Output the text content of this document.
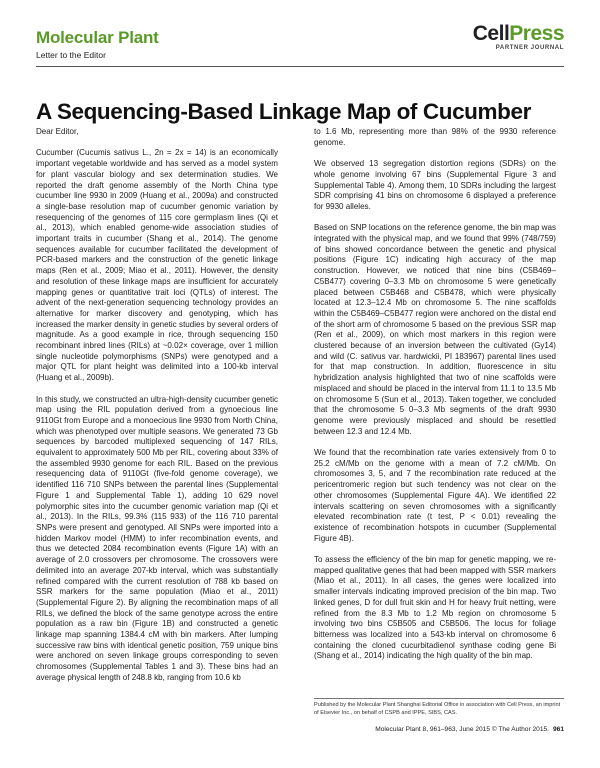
Molecular Plant
Letter to the Editor
CellPress
PARTNER JOURNAL
A Sequencing-Based Linkage Map of Cucumber
Dear Editor,

Cucumber (Cucumis sativus L., 2n = 2x = 14) is an economically important vegetable worldwide and has served as a model system for plant vascular biology and sex determination studies. We reported the draft genome assembly of the North China type cucumber line 9930 in 2009 (Huang et al., 2009a) and constructed a single-base resolution map of cucumber genomic variation by resequencing of the genomes of 115 core germplasm lines (Qi et al., 2013), which enabled genome-wide association studies of important traits in cucumber (Shang et al., 2014). The genome sequences available for cucumber facilitated the development of PCR-based markers and the construction of the genetic linkage maps (Ren et al., 2009; Miao et al., 2011). However, the density and resolution of these linkage maps are insufficient for accurately mapping genes or quantitative trait loci (QTLs) of interest. The advent of the next-generation sequencing technology provides an alternative for marker discovery and genotyping, which has increased the marker density in genetic studies by several orders of magnitude. As a good example in rice, through sequencing 150 recombinant inbred lines (RILs) at ~0.02× coverage, over 1 million single nucleotide polymorphisms (SNPs) were genotyped and a major QTL for plant height was delimited into a 100-kb interval (Huang et al., 2009b).

In this study, we constructed an ultra-high-density cucumber genetic map using the RIL population derived from a gynoecious line 9110Gt from Europe and a monoecious line 9930 from North China, which was phenotyped over multiple seasons. We generated 73 Gb sequences by barcoded multiplexed sequencing of 147 RILs, equivalent to approximately 500 Mb per RIL, covering about 33% of the assembled 9930 genome for each RIL. Based on the previous resequencing data of 9110Gt (five-fold genome coverage), we identified 116 710 SNPs between the parental lines (Supplemental Figure 1 and Supplemental Table 1), adding 10 629 novel polymorphic sites into the cucumber genomic variation map (Qi et al., 2013). In the RILs, 99.3% (115 933) of the 116 710 parental SNPs were present and genotyped. All SNPs were imported into a hidden Markov model (HMM) to infer recombination events, and thus we detected 2084 recombination events (Figure 1A) with an average of 2.0 crossovers per chromosome. The crossovers were delimited into an average 207-kb interval, which was substantially refined compared with the current resolution of 788 kb based on SSR markers for the same population (Miao et al., 2011) (Supplemental Figure 2). By aligning the recombination maps of all RILs, we defined the block of the same genotype across the entire population as a raw bin (Figure 1B) and constructed a genetic linkage map spanning 1384.4 cM with bin markers. After lumping successive raw bins with identical genetic position, 759 unique bins were anchored on seven linkage groups corresponding to seven chromosomes (Supplemental Tables 1 and 3). These bins had an average physical length of 248.8 kb, ranging from 10.6 kb

to 1.6 Mb, representing more than 98% of the 9930 reference genome.

We observed 13 segregation distortion regions (SDRs) on the whole genome involving 67 bins (Supplemental Figure 3 and Supplemental Table 4). Among them, 10 SDRs including the largest SDR comprising 41 bins on chromosome 6 displayed a preference for 9930 alleles.

Based on SNP locations on the reference genome, the bin map was integrated with the physical map, and we found that 99% (748/759) of bins showed concordance between the genetic and physical positions (Figure 1C) indicating high accuracy of the map construction. However, we noticed that nine bins (C5B469–C5B477) covering 0–3.3 Mb on chromosome 5 were genetically placed between C5B468 and C5B478, which were physically located at 12.3–12.4 Mb on chromosome 5. The nine scaffolds within the C5B469–C5B477 region were anchored on the distal end of the short arm of chromosome 5 based on the previous SSR map (Ren et al., 2009), on which most markers in this region were clustered because of an inversion between the cultivated (Gy14) and wild (C. sativus var. hardwickii, PI 183967) parental lines used for that map construction. In addition, fluorescence in situ hybridization analysis highlighted that two of nine scaffolds were misplaced and should be placed in the interval from 11.1 to 13.5 Mb on chromosome 5 (Sun et al., 2013). Taken together, we concluded that the chromosome 5 0–3.3 Mb segments of the draft 9930 genome were previously misplaced and should be resettled between 12.3 and 12.4 Mb.

We found that the recombination rate varies extensively from 0 to 25.2 cM/Mb on the genome with a mean of 7.2 cM/Mb. On chromosomes 3, 5, and 7 the recombination rate reduced at the pericentromeric region but such tendency was not clear on the other chromosomes (Supplemental Figure 4A). We identified 22 intervals scattering on seven chromosomes with a significantly elevated recombination rate (t test, P < 0.01) revealing the existence of recombination hotspots in cucumber (Supplemental Figure 4B).

To assess the efficiency of the bin map for genetic mapping, we re-mapped qualitative genes that had been mapped with SSR markers (Miao et al., 2011). In all cases, the genes were localized into smaller intervals indicating improved precision of the bin map. Two linked genes, D for dull fruit skin and H for heavy fruit netting, were refined from the 8.3 Mb to 1.2 Mb region on chromosome 5 involving two bins C5B505 and C5B506. The locus for foliage bitterness was localized into a 543-kb interval on chromosome 6 containing the cloned cucurbitadienol synthase coding gene Bi (Shang et al., 2014) indicating the high quality of the bin map.

Published by the Molecular Plant Shanghai Editorial Office in association with Cell Press, an imprint of Elsevier Inc., on behalf of CSPB and IPPE, SIBS, CAS.
Molecular Plant 8, 961–963, June 2015 © The Author 2015. 961
